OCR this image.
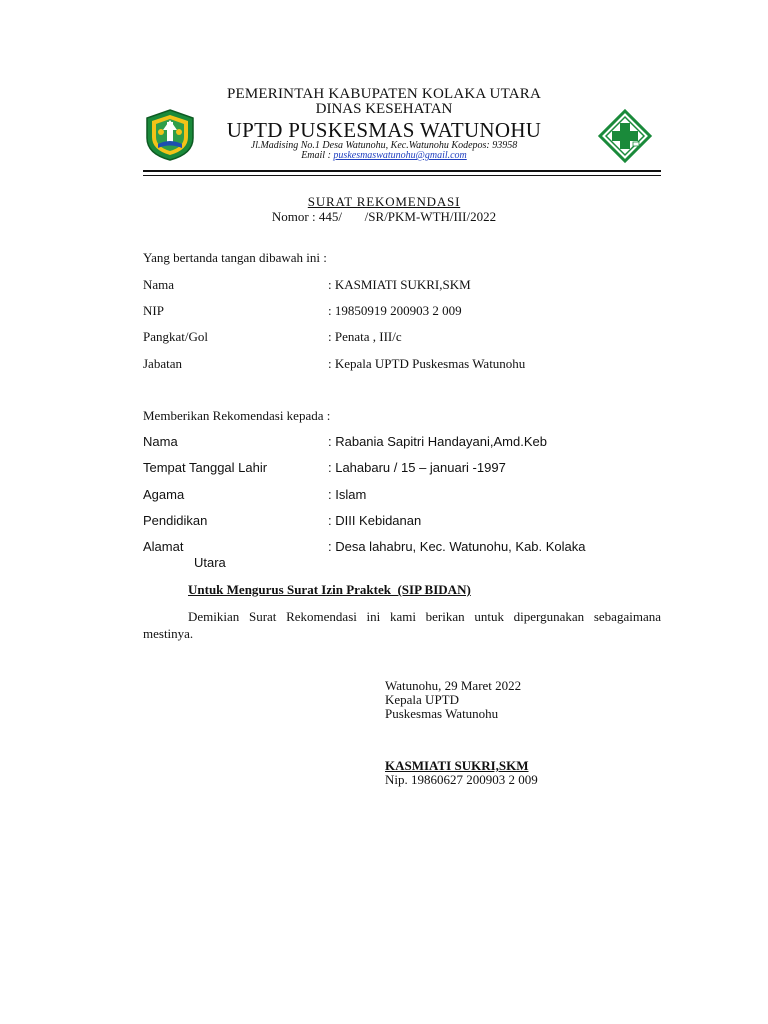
PEMERINTAH KABUPATEN KOLAKA UTARA
DINAS KESEHATAN
UPTD PUSKESMAS WATUNOHU
Jl.Madising No.1 Desa Watunohu, Kec.Watunohu Kodepos: 93958
Email : puskesmaswatunohu@gmail.com
SURAT REKOMENDASI
Nomor : 445/       /SR/PKM-WTH/III/2022
Yang bertanda tangan dibawah ini :
Nama	: KASMIATI SUKRI,SKM
NIP	: 19850919 200903 2 009
Pangkat/Gol	: Penata , III/c
Jabatan	: Kepala UPTD Puskesmas Watunohu
Memberikan Rekomendasi kepada :
Nama	: Rabania Sapitri Handayani,Amd.Keb
Tempat Tanggal Lahir	: Lahabaru / 15 – januari -1997
Agama	: Islam
Pendidikan	: DIII Kebidanan
Alamat	: Desa lahabru, Kec. Watunohu, Kab. Kolaka
Utara
Untuk Mengurus Surat Izin Praktek  (SIP BIDAN)
Demikian Surat Rekomendasi ini kami berikan untuk dipergunakan sebagaimana mestinya.
Watunohu, 29 Maret 2022
Kepala UPTD
Puskesmas Watunohu
KASMIATI SUKRI,SKM
Nip. 19860627 200903 2 009
